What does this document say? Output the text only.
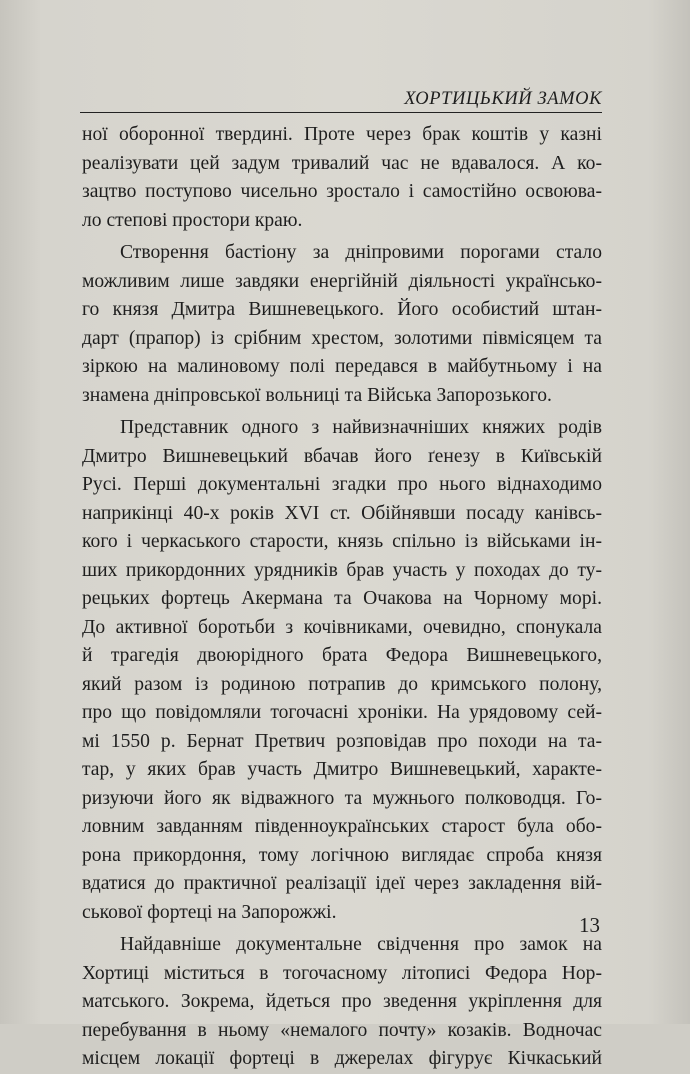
ХОРТИЦЬКИЙ ЗАМОК
ної оборонної твердині. Проте через брак коштів у казні
реалізувати цей задум тривалий час не вдавалося. А ко-
зацтво поступово чисельно зростало і самостійно освоюва-
ло степові простори краю.
Створення бастіону за дніпровими порогами стало
можливим лише завдяки енергійній діяльності українсько-
го князя Дмитра Вишневецького. Його особистий штан-
дарт (прапор) із срібним хрестом, золотими півмісяцем та
зіркою на малиновому полі передався в майбутньому і на
знамена дніпровської вольниці та Війська Запорозького.
Представник одного з найвизначніших княжих родів
Дмитро Вишневецький вбачав його ґенезу в Київській
Русі. Перші документальні згадки про нього віднаходимо
наприкінці 40-х років XVI ст. Обійнявши посаду канівсь-
кого і черкаського старости, князь спільно із військами ін-
ших прикордонних урядників брав участь у походах до ту-
рецьких фортець Акермана та Очакова на Чорному морі.
До активної боротьби з кочівниками, очевидно, спонукала
й трагедія двоюрідного брата Федора Вишневецького,
який разом із родиною потрапив до кримського полону,
про що повідомляли тогочасні хроніки. На урядовому сей-
мі 1550 р. Бернат Претвич розповідав про походи на та-
тар, у яких брав участь Дмитро Вишневецький, характе-
ризуючи його як відважного та мужнього полководця. Го-
ловним завданням південноукраїнських старост була обо-
рона прикордоння, тому логічною виглядає спроба князя
вдатися до практичної реалізації ідеї через закладення вій-
ськової фортеці на Запорожжі.
Найдавніше документальне свідчення про замок на
Хортиці міститься в тогочасному літописі Федора Нор-
матського. Зокрема, йдеться про зведення укріплення для
перебування в ньому «немалого почту» козаків. Водночас
місцем локації фортеці в джерелах фігурує Кічкаський
13
